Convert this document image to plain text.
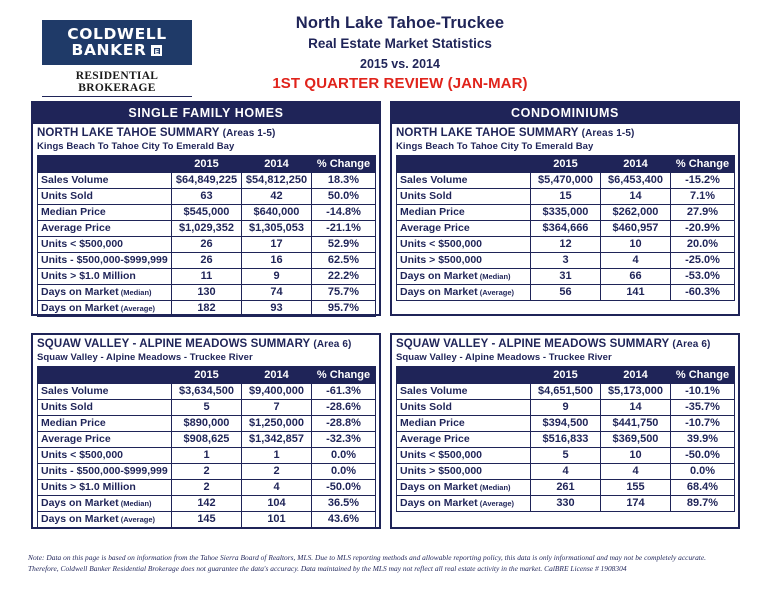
COLDWELL
BANKER
RESIDENTIAL BROKERAGE
North Lake Tahoe-Truckee
Real Estate Market Statistics
2015 vs. 2014
1ST QUARTER REVIEW (JAN-MAR)
SINGLE FAMILY HOMES
NORTH LAKE TAHOE SUMMARY (Areas 1-5)
Kings Beach To Tahoe City To Emerald Bay
	2015	2014	% Change
Sales Volume	$64,849,225	$54,812,250	18.3%
Units Sold	63	42	50.0%
Median Price	$545,000	$640,000	-14.8%
Average Price	$1,029,352	$1,305,053	-21.1%
Units < $500,000	26	17	52.9%
Units - $500,000-$999,999	26	16	62.5%
Units > $1.0 Million	11	9	22.2%
Days on Market (Median)	130	74	75.7%
Days on Market (Average)	182	93	95.7%
CONDOMINIUMS
NORTH LAKE TAHOE SUMMARY (Areas 1-5)
Kings Beach To Tahoe City To Emerald Bay
	2015	2014	% Change
Sales Volume	$5,470,000	$6,453,400	-15.2%
Units Sold	15	14	7.1%
Median Price	$335,000	$262,000	27.9%
Average Price	$364,666	$460,957	-20.9%
Units < $500,000	12	10	20.0%
Units > $500,000	3	4	-25.0%
Days on Market (Median)	31	66	-53.0%
Days on Market (Average)	56	141	-60.3%
SQUAW VALLEY - ALPINE MEADOWS SUMMARY (Area 6)
Squaw Valley - Alpine Meadows - Truckee River
	2015	2014	% Change
Sales Volume	$3,634,500	$9,400,000	-61.3%
Units Sold	5	7	-28.6%
Median Price	$890,000	$1,250,000	-28.8%
Average Price	$908,625	$1,342,857	-32.3%
Units < $500,000	1	1	0.0%
Units - $500,000-$999,999	2	2	0.0%
Units > $1.0 Million	2	4	-50.0%
Days on Market (Median)	142	104	36.5%
Days on Market (Average)	145	101	43.6%
SQUAW VALLEY - ALPINE MEADOWS SUMMARY (Area 6)
Squaw Valley - Alpine Meadows - Truckee River
	2015	2014	% Change
Sales Volume	$4,651,500	$5,173,000	-10.1%
Units Sold	9	14	-35.7%
Median Price	$394,500	$441,750	-10.7%
Average Price	$516,833	$369,500	39.9%
Units < $500,000	5	10	-50.0%
Units > $500,000	4	4	0.0%
Days on Market (Median)	261	155	68.4%
Days on Market (Average)	330	174	89.7%
Note: Data on this page is based on information from the Tahoe Sierra Board of Realtors, MLS. Due to MLS reporting methods and allowable reporting policy, this data is only informational and may not be completely accurate.
Therefore, Coldwell Banker Residential Brokerage does not guarantee the data's accuracy. Data maintained by the MLS may not reflect all real estate activity in the market. CalBRE License # 1908304
